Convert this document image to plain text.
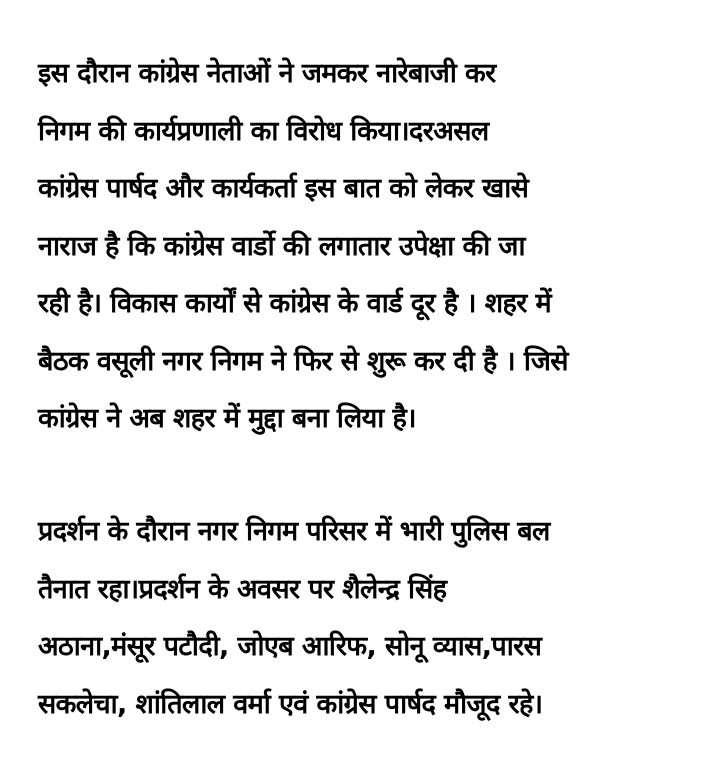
इस दौरान कांग्रेस नेताओं ने जमकर नारेबाजी कर
निगम की कार्यप्रणाली का विरोध किया।दरअसल
कांग्रेस पार्षद और कार्यकर्ता इस बात को लेकर खासे
नाराज है कि कांग्रेस वार्डो की लगातार उपेक्षा की जा
रही है। विकास कार्यों से कांग्रेस के वार्ड दूर है । शहर में
बैठक वसूली नगर निगम ने फिर से शुरू कर दी है । जिसे
कांग्रेस ने अब शहर में मुद्दा बना लिया है।

प्रदर्शन के दौरान नगर निगम परिसर में भारी पुलिस बल
तैनात रहा।प्रदर्शन के अवसर पर शैलेन्द्र सिंह
अठाना,मंसूर पटौदी, जोएब आरिफ, सोनू व्यास,पारस
सकलेचा, शांतिलाल वर्मा एवं कांग्रेस पार्षद मौजूद रहे।
